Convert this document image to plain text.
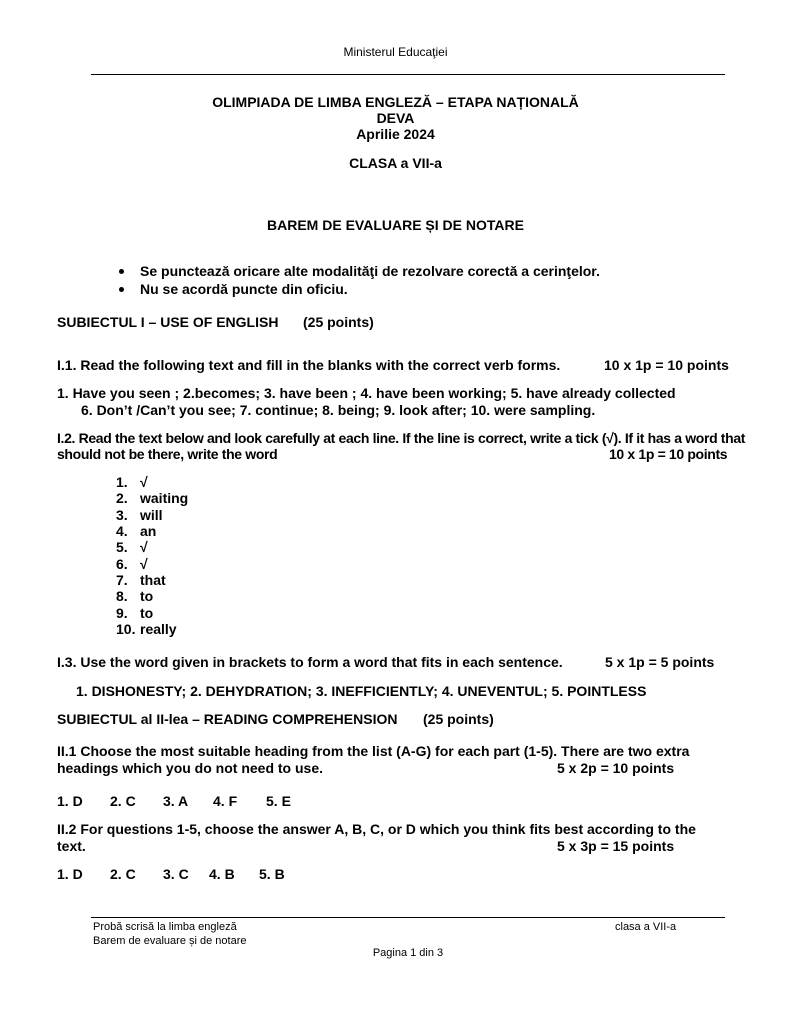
Ministerul Educaţiei
OLIMPIADA DE LIMBA ENGLEZĂ – ETAPA NAȚIONALĂ
DEVA
Aprilie 2024
CLASA a VII-a
BAREM DE EVALUARE ȘI DE NOTARE
Se punctează oricare alte modalităţi de rezolvare corectă a cerinţelor.
Nu se acordă puncte din oficiu.
SUBIECTUL I – USE OF ENGLISH (25 points)
I.1. Read the following text and fill in the blanks with the correct verb forms.	10 x 1p = 10 points
1. Have you seen ; 2.becomes; 3. have been ; 4. have been working; 5. have already collected
6. Don’t /Can’t you see; 7. continue; 8. being; 9. look after; 10. were sampling.
I.2. Read the text below and look carefully at each line. If the line is correct, write a tick (√). If it has a word that
should not be there, write the word	10 x 1p = 10 points
1. √
2. waiting
3. will
4. an
5. √
6. √
7. that
8. to
9. to
10. really
I.3. Use the word given in brackets to form a word that fits in each sentence.	5 x 1p = 5 points
1. DISHONESTY; 2. DEHYDRATION; 3. INEFFICIENTLY; 4. UNEVENTUL; 5. POINTLESS
SUBIECTUL al II-lea – READING COMPREHENSION (25 points)
II.1 Choose the most suitable heading from the list (A-G) for each part (1-5). There are two extra
headings which you do not need to use.	5 x 2p = 10 points
1. D 2. C 3. A 4. F 5. E
II.2 For questions 1-5, choose the answer A, B, C, or D which you think fits best according to the
text.	5 x 3p = 15 points
1. D 2. C 3. C 4. B 5. B
Probă scrisă la limba engleză
Barem de evaluare și de notare
clasa a VII-a
Pagina 1 din 3
